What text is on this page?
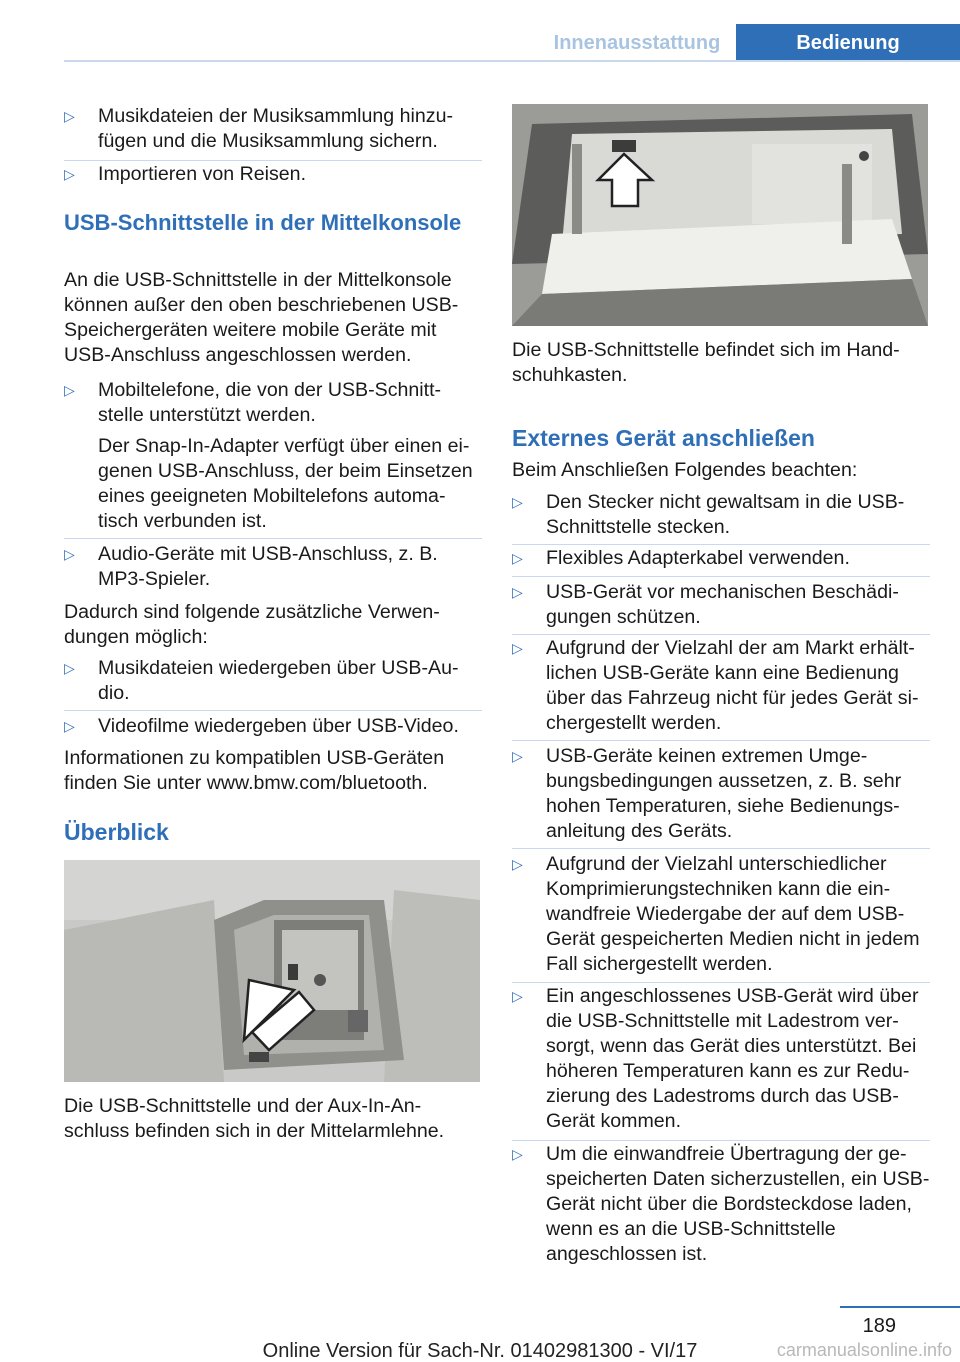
Innenausstattung	Bedienung
▷	Musikdateien der Musiksammlung hinzu‐ fügen und die Musiksammlung sichern.
▷	Importieren von Reisen.
USB-Schnittstelle in der Mittelkonsole
An die USB-Schnittstelle in der Mittelkonsole können außer den oben beschriebenen USB-Speichergeräten weitere mobile Geräte mit USB-Anschluss angeschlossen werden.
▷	Mobiltelefone, die von der USB-Schnitt‐ stelle unterstützt werden.
Der Snap-In-Adapter verfügt über einen ei‐ genen USB-Anschluss, der beim Einsetzen eines geeigneten Mobiltelefons automa‐ tisch verbunden ist.
▷	Audio-Geräte mit USB-Anschluss, z. B. MP3-Spieler.
Dadurch sind folgende zusätzliche Verwen‐ dungen möglich:
▷	Musikdateien wiedergeben über USB-Au‐ dio.
▷	Videofilme wiedergeben über USB-Video.
Informationen zu kompatiblen USB-Geräten finden Sie unter www.bmw.com/bluetooth.
Überblick
Die USB-Schnittstelle und der Aux-In-An‐ schluss befinden sich in der Mittelarmlehne.
Die USB-Schnittstelle befindet sich im Hand‐ schuhkasten.
Externes Gerät anschließen
Beim Anschließen Folgendes beachten:
▷	Den Stecker nicht gewaltsam in die USB-Schnittstelle stecken.
▷	Flexibles Adapterkabel verwenden.
▷	USB-Gerät vor mechanischen Beschädi‐ gungen schützen.
▷	Aufgrund der Vielzahl der am Markt erhält‐ lichen USB-Geräte kann eine Bedienung über das Fahrzeug nicht für jedes Gerät si‐ chergestellt werden.
▷	USB-Geräte keinen extremen Umge‐ bungsbedingungen aussetzen, z. B. sehr hohen Temperaturen, siehe Bedienungs‐ anleitung des Geräts.
▷	Aufgrund der Vielzahl unterschiedlicher Komprimierungstechniken kann die ein‐ wandfreie Wiedergabe der auf dem USB-Gerät gespeicherten Medien nicht in jedem Fall sichergestellt werden.
▷	Ein angeschlossenes USB-Gerät wird über die USB-Schnittstelle mit Ladestrom ver‐ sorgt, wenn das Gerät dies unterstützt. Bei höheren Temperaturen kann es zur Redu‐ zierung des Ladestroms durch das USB-Gerät kommen.
▷	Um die einwandfreie Übertragung der ge‐ speicherten Daten sicherzustellen, ein USB-Gerät nicht über die Bordsteckdose laden, wenn es an die USB-Schnittstelle angeschlossen ist.
189
Online Version für Sach-Nr. 01402981300 - VI/17	carmanualsonline.info
